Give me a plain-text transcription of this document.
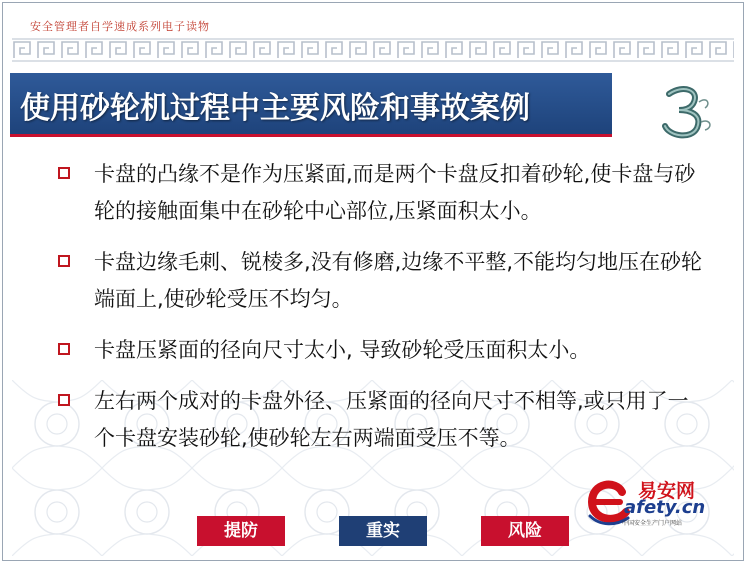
安全管理者自学速成系列电子读物
使用砂轮机过程中主要风险和事故案例
卡盘的凸缘不是作为压紧面,而是两个卡盘反扣着砂轮,使卡盘与砂轮的接触面集中在砂轮中心部位,压紧面积太小。
卡盘边缘毛刺、锐棱多,没有修磨,边缘不平整,不能均匀地压在砂轮端面上,使砂轮受压不均匀。
卡盘压紧面的径向尺寸太小, 导致砂轮受压面积太小。
左右两个成对的卡盘外径、压紧面的径向尺寸不相等,或只用了一个卡盘安装砂轮,使砂轮左右两端面受压不等。
提防	重实	风险
易安网
afety.cn
中国安全生产门户网站
